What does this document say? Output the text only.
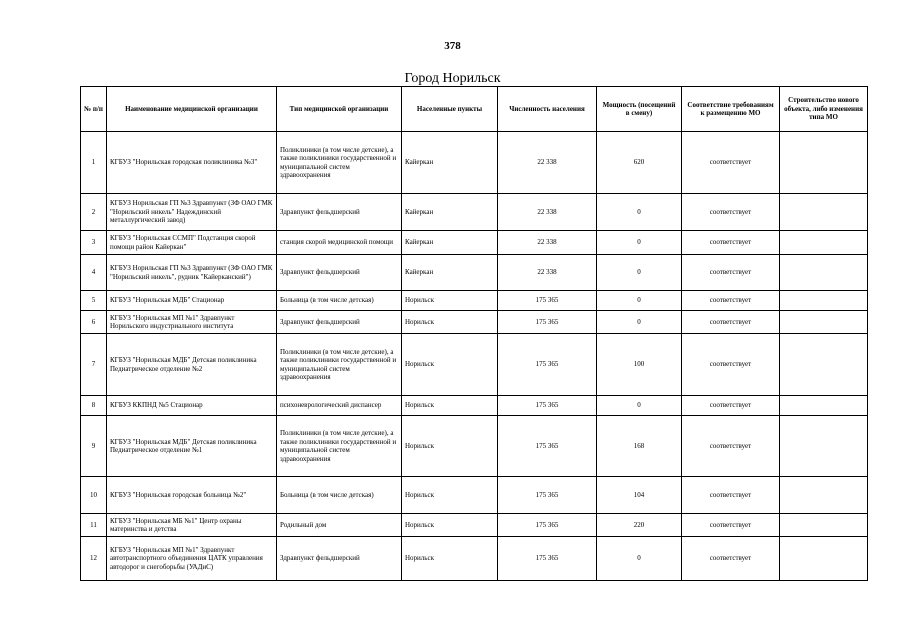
378
Город Норильск
№ п/п	Наименование медицинской организации	Тип медицинской организации	Населенные пункты	Численность населения	Мощность (посещений в смену)	Соответствие требованиям к размещению МО	Строительство нового объекта, либо изменения типа МО
1	КГБУЗ "Норильская городская поликлиника №3"	Поликлиники (в том числе детские), а также поликлиники государственной и муниципальной систем здравоохранения	Кайеркан	22 338	620	соответствует	
2	КГБУЗ Норильская ГП №3 Здравпункт (ЗФ ОАО ГМК "Норильский никель" Надеждинский металлургический завод)	Здравпункт фельдшерский	Кайеркан	22 338	0	соответствует	
3	КГБУЗ "Норильская ССМП" Подстанция скорой помощи район Кайеркан"	станция скорой медицинской помощи	Кайеркан	22 338	0	соответствует	
4	КГБУЗ Норильская ГП №3 Здравпункт (ЗФ ОАО ГМК "Норильский никель", рудник "Кайерканский")	Здравпункт фельдшерский	Кайеркан	22 338	0	соответствует	
5	КГБУЗ "Норильская МДБ" Стационар	Больница (в том числе детская)	Норильск	175 365	0	соответствует	
6	КГБУЗ "Норильская МП №1" Здравпункт Норильского индустриального института	Здравпункт фельдшерский	Норильск	175 365	0	соответствует	
7	КГБУЗ "Норильская МДБ" Детская поликлиника Педиатрическое отделение №2	Поликлиники (в том числе детские), а также поликлиники государственной и муниципальной систем здравоохранения	Норильск	175 365	100	соответствует	
8	КГБУЗ ККПНД №5 Стационар	психоневрологический диспансер	Норильск	175 365	0	соответствует	
9	КГБУЗ "Норильская МДБ" Детская поликлиника Педиатрическое отделение №1	Поликлиники (в том числе детские), а также поликлиники государственной и муниципальной систем здравоохранения	Норильск	175 365	168	соответствует	
10	КГБУЗ "Норильская городская больница №2"	Больница (в том числе детская)	Норильск	175 365	104	соответствует	
11	КГБУЗ "Норильская МБ №1" Центр охраны материнства и детства	Родильный дом	Норильск	175 365	220	соответствует	
12	КГБУЗ "Норильская МП №1" Здравпункт автотранспортного объединения ЦАТК управления автодорог и снегоборьбы (УАДиС)	Здравпункт фельдшерский	Норильск	175 365	0	соответствует	
